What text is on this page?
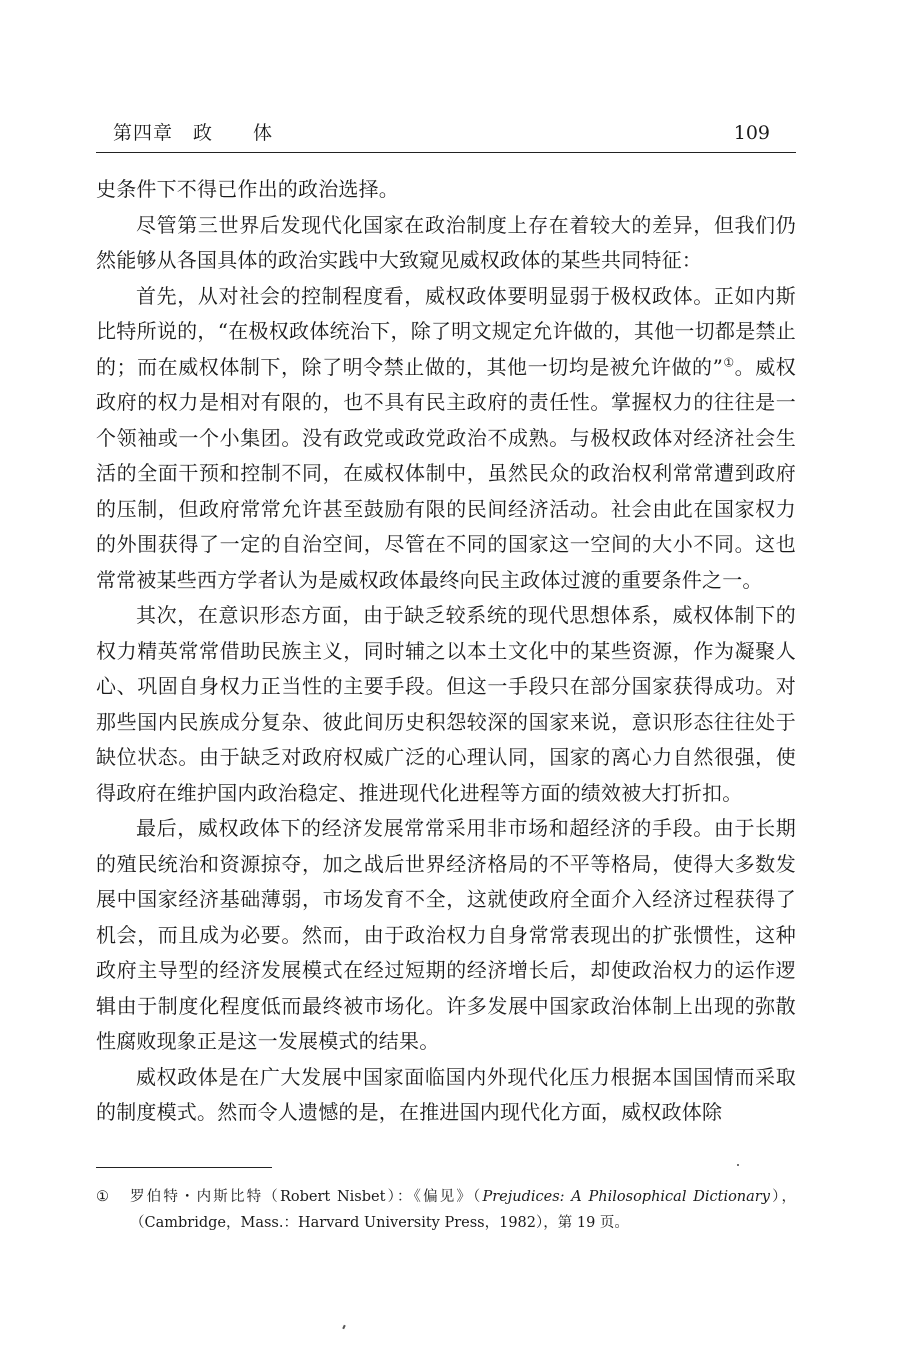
第四章　政　　体	109

史条件下不得已作出的政治选择。

尽管第三世界后发现代化国家在政治制度上存在着较大的差异，但我们仍然能够从各国具体的政治实践中大致窥见威权政体的某些共同特征：

首先，从对社会的控制程度看，威权政体要明显弱于极权政体。正如内斯比特所说的，“在极权政体统治下，除了明文规定允许做的，其他一切都是禁止的；而在威权体制下，除了明令禁止做的，其他一切均是被允许做的”①。威权政府的权力是相对有限的，也不具有民主政府的责任性。掌握权力的往往是一个领袖或一个小集团。没有政党或政党政治不成熟。与极权政体对经济社会生活的全面干预和控制不同，在威权体制中，虽然民众的政治权利常常遭到政府的压制，但政府常常允许甚至鼓励有限的民间经济活动。社会由此在国家权力的外围获得了一定的自治空间，尽管在不同的国家这一空间的大小不同。这也常常被某些西方学者认为是威权政体最终向民主政体过渡的重要条件之一。

其次，在意识形态方面，由于缺乏较系统的现代思想体系，威权体制下的权力精英常常借助民族主义，同时辅之以本土文化中的某些资源，作为凝聚人心、巩固自身权力正当性的主要手段。但这一手段只在部分国家获得成功。对那些国内民族成分复杂、彼此间历史积怨较深的国家来说，意识形态往往处于缺位状态。由于缺乏对政府权威广泛的心理认同，国家的离心力自然很强，使得政府在维护国内政治稳定、推进现代化进程等方面的绩效被大打折扣。

最后，威权政体下的经济发展常常采用非市场和超经济的手段。由于长期的殖民统治和资源掠夺，加之战后世界经济格局的不平等格局，使得大多数发展中国家经济基础薄弱，市场发育不全，这就使政府全面介入经济过程获得了机会，而且成为必要。然而，由于政治权力自身常常表现出的扩张惯性，这种政府主导型的经济发展模式在经过短期的经济增长后，却使政治权力的运作逻辑由于制度化程度低而最终被市场化。许多发展中国家政治体制上出现的弥散性腐败现象正是这一发展模式的结果。

威权政体是在广大发展中国家面临国内外现代化压力根据本国国情而采取的制度模式。然而令人遗憾的是，在推进国内现代化方面，威权政体除

①	罗伯特・内斯比特（Robert Nisbet）：《偏见》（Prejudices: A Philosophical Dictionary），（Cambridge，Mass.：Harvard University Press，1982），第 19 页。
